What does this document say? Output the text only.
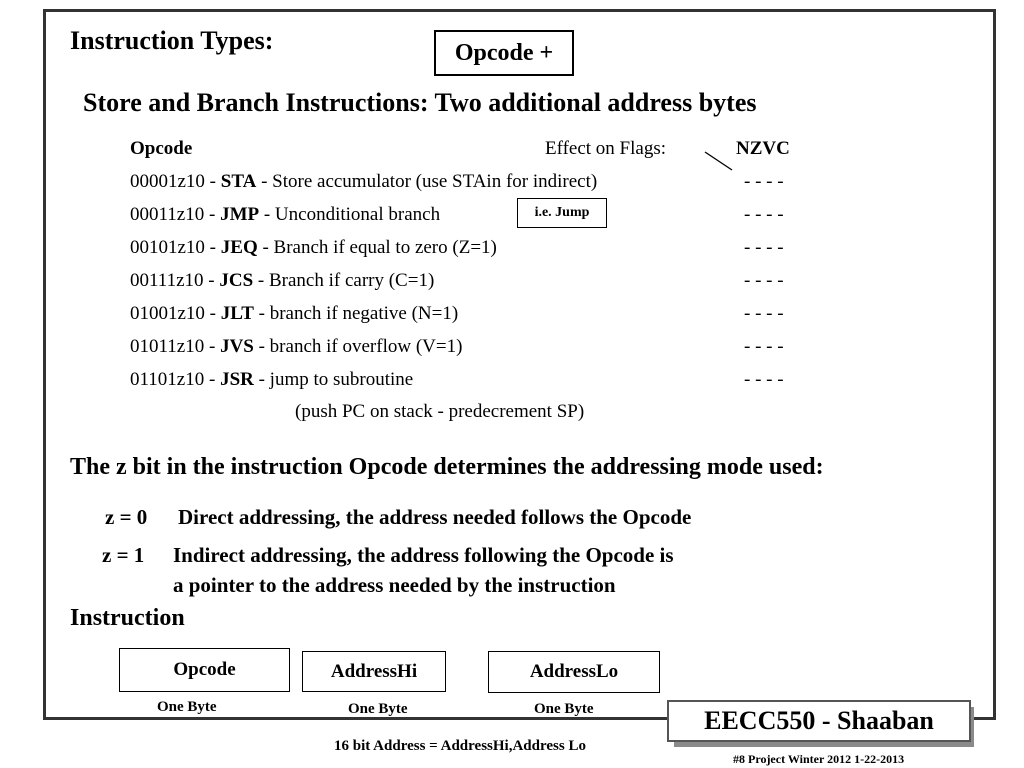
Instruction Types:	Opcode +
Store and Branch Instructions: Two additional address bytes
Opcode	Effect on Flags:	NZVC
00001z10 - STA - Store accumulator (use STAin for indirect)	- - - -
00011z10 - JMP - Unconditional branch	i.e. Jump	- - - -
00101z10 - JEQ - Branch if equal to zero (Z=1)	- - - -
00111z10 - JCS - Branch if carry (C=1)	- - - -
01001z10 - JLT - branch if negative (N=1)	- - - -
01011z10 - JVS - branch if overflow (V=1)	- - - -
01101z10 - JSR - jump to subroutine	- - - -
(push PC on stack - predecrement SP)
The z bit in the instruction Opcode determines the addressing mode used:
z = 0 Direct addressing, the address needed follows the Opcode
z = 1 Indirect addressing, the address following the Opcode is
a pointer to the address needed by the instruction
Instruction
Opcode	AddressHi	AddressLo
One Byte	One Byte	One Byte
16 bit Address = AddressHi,Address Lo
EECC550 - Shaaban
#8 Project Winter 2012 1-22-2013
